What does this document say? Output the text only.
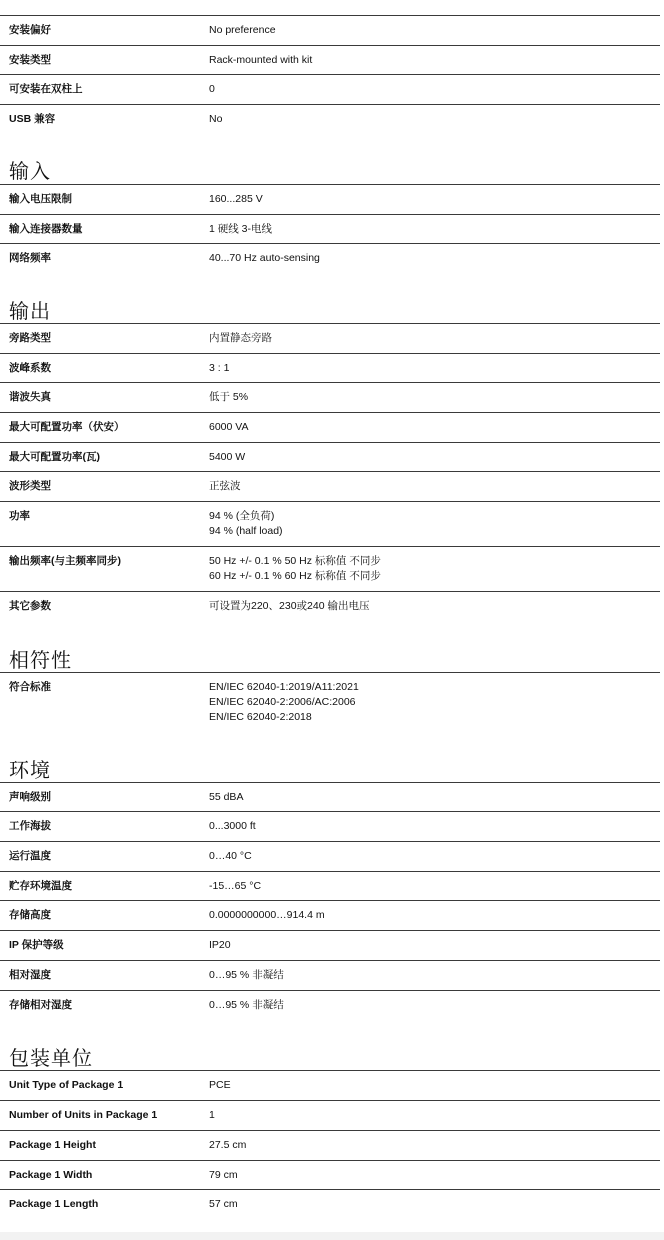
安装偏好	No preference
安装类型	Rack-mounted with kit
可安装在双柱上	0
USB 兼容	No
输入
输入电压限制	160...285 V
输入连接器数量	1 硬线 3-电线
网络频率	40...70 Hz auto-sensing
输出
旁路类型	内置静态旁路
波峰系数	3 : 1
谐波失真	低于 5%
最大可配置功率（伏安）	6000 VA
最大可配置功率(瓦)	5400 W
波形类型	正弦波
功率	94 % (全负荷)
94 % (half load)
输出频率(与主频率同步)	50 Hz +/- 0.1 % 50 Hz 标称值 不同步
60 Hz +/- 0.1 % 60 Hz 标称值 不同步
其它参数	可设置为220、230或240 输出电压
相符性
符合标准	EN/IEC 62040-1:2019/A11:2021
EN/IEC 62040-2:2006/AC:2006
EN/IEC 62040-2:2018
环境
声响级别	55 dBA
工作海拔	0...3000 ft
运行温度	0…40 °C
贮存环境温度	-15…65 °C
存储高度	0.0000000000…914.4 m
IP 保护等级	IP20
相对湿度	0…95 % 非凝结
存储相对湿度	0…95 % 非凝结
包装单位
Unit Type of Package 1	PCE
Number of Units in Package 1	1
Package 1 Height	27.5 cm
Package 1 Width	79 cm
Package 1 Length	57 cm
